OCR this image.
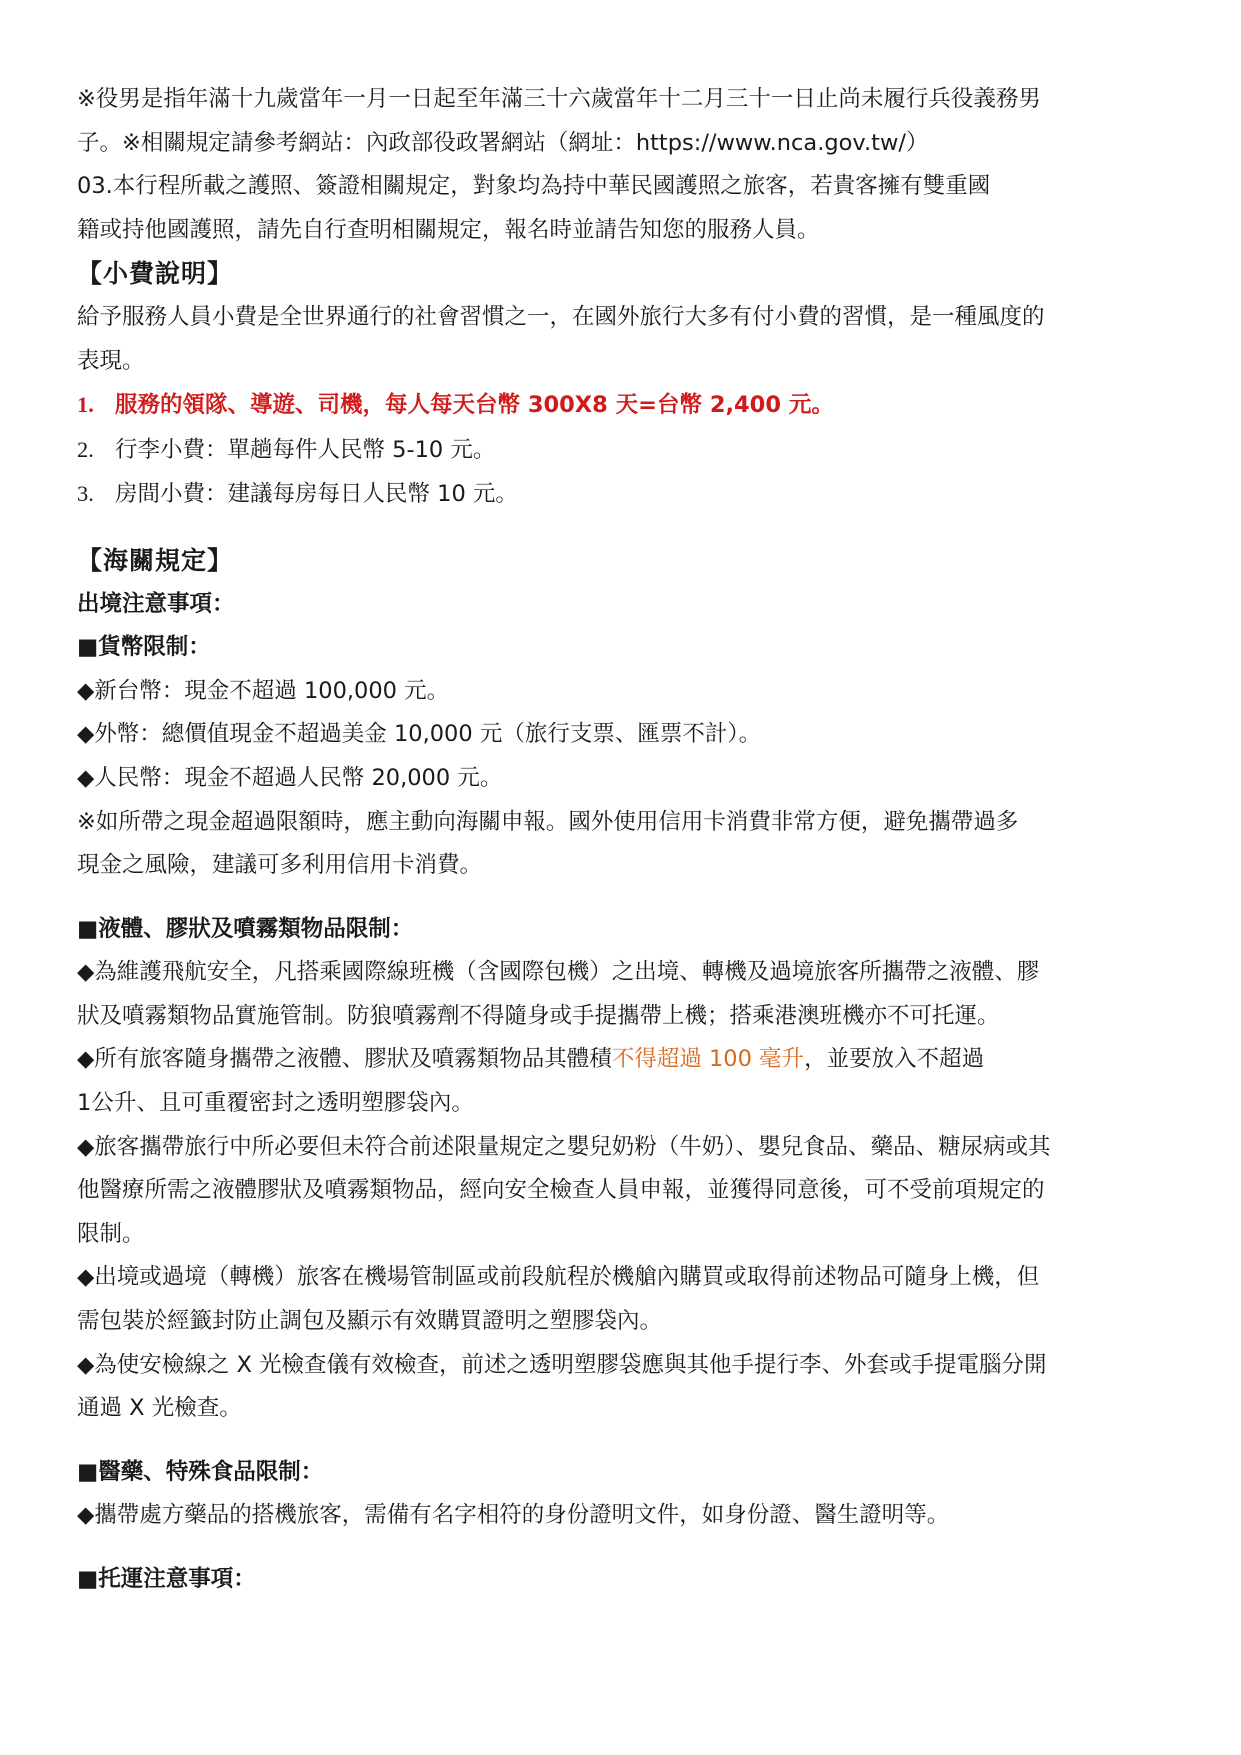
※役男是指年滿十九歲當年一月一日起至年滿三十六歲當年十二月三十一日止尚未履行兵役義務男
子。※相關規定請參考網站：內政部役政署網站（網址：https://www.nca.gov.tw/）
03.本行程所載之護照、簽證相關規定，對象均為持中華民國護照之旅客，若貴客擁有雙重國
籍或持他國護照，請先自行查明相關規定，報名時並請告知您的服務人員。
【小費說明】
給予服務人員小費是全世界通行的社會習慣之一，在國外旅行大多有付小費的習慣，是一種風度的
表現。
1. 服務的領隊、導遊、司機，每人每天台幣 300X8 天=台幣 2,400 元。
2. 行李小費：單趟每件人民幣 5-10 元。
3. 房間小費：建議每房每日人民幣 10 元。
【海關規定】
出境注意事項：
■貨幣限制：
◆新台幣：現金不超過 100,000 元。
◆外幣：總價值現金不超過美金 10,000 元（旅行支票、匯票不計）。
◆人民幣：現金不超過人民幣 20,000 元。
※如所帶之現金超過限額時，應主動向海關申報。國外使用信用卡消費非常方便，避免攜帶過多
現金之風險，建議可多利用信用卡消費。
■液體、膠狀及噴霧類物品限制：
◆為維護飛航安全，凡搭乘國際線班機（含國際包機）之出境、轉機及過境旅客所攜帶之液體、膠
狀及噴霧類物品實施管制。防狼噴霧劑不得隨身或手提攜帶上機；搭乘港澳班機亦不可托運。
◆所有旅客隨身攜帶之液體、膠狀及噴霧類物品其體積不得超過 100 毫升，並要放入不超過
1公升、且可重覆密封之透明塑膠袋內。
◆旅客攜帶旅行中所必要但未符合前述限量規定之嬰兒奶粉（牛奶）、嬰兒食品、藥品、糖尿病或其
他醫療所需之液體膠狀及噴霧類物品，經向安全檢查人員申報，並獲得同意後，可不受前項規定的
限制。
◆出境或過境（轉機）旅客在機場管制區或前段航程於機艙內購買或取得前述物品可隨身上機，但
需包裝於經籤封防止調包及顯示有效購買證明之塑膠袋內。
◆為使安檢線之 X 光檢查儀有效檢查，前述之透明塑膠袋應與其他手提行李、外套或手提電腦分開
通過 X 光檢查。
■醫藥、特殊食品限制：
◆攜帶處方藥品的搭機旅客，需備有名字相符的身份證明文件，如身份證、醫生證明等。
■托運注意事項：
